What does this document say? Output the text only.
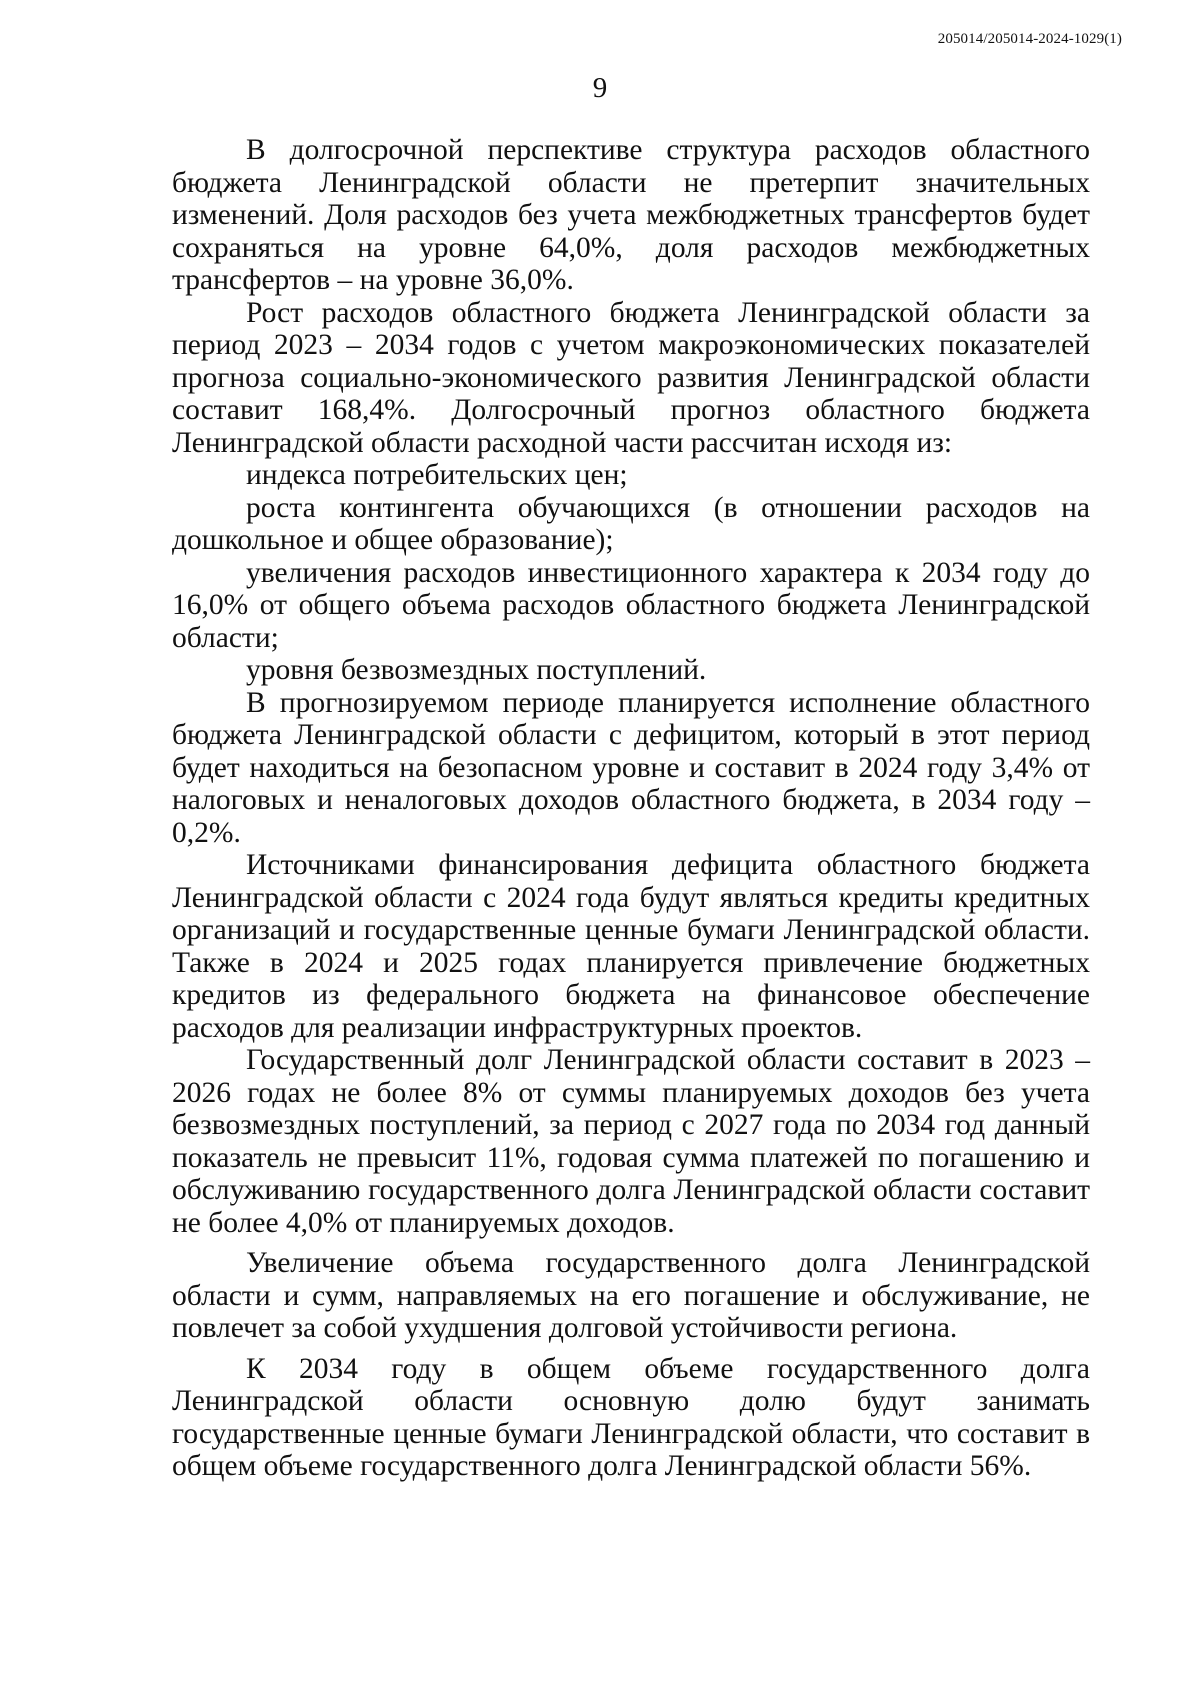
205014/205014-2024-1029(1)
9

В долгосрочной перспективе структура расходов областного бюджета Ленинградской области не претерпит значительных изменений. Доля расходов без учета межбюджетных трансфертов будет сохраняться на уровне 64,0%, доля расходов межбюджетных трансфертов – на уровне 36,0%.

Рост расходов областного бюджета Ленинградской области за период 2023 – 2034 годов с учетом макроэкономических показателей прогноза социально-экономического развития Ленинградской области составит 168,4%. Долгосрочный прогноз областного бюджета Ленинградской области расходной части рассчитан исходя из:

индекса потребительских цен;

роста контингента обучающихся (в отношении расходов на дошкольное и общее образование);

увеличения расходов инвестиционного характера к 2034 году до 16,0% от общего объема расходов областного бюджета Ленинградской области;

уровня безвозмездных поступлений.

В прогнозируемом периоде планируется исполнение областного бюджета Ленинградской области с дефицитом, который в этот период будет находиться на безопасном уровне и составит в 2024 году 3,4% от налоговых и неналоговых доходов областного бюджета, в 2034 году – 0,2%.

Источниками финансирования дефицита областного бюджета Ленинградской области с 2024 года будут являться кредиты кредитных организаций и государственные ценные бумаги Ленинградской области. Также в 2024 и 2025 годах планируется привлечение бюджетных кредитов из федерального бюджета на финансовое обеспечение расходов для реализации инфраструктурных проектов.

Государственный долг Ленинградской области составит в 2023 – 2026 годах не более 8% от суммы планируемых доходов без учета безвозмездных поступлений, за период с 2027 года по 2034 год данный показатель не превысит 11%, годовая сумма платежей по погашению и обслуживанию государственного долга Ленинградской области составит не более 4,0% от планируемых доходов.

Увеличение объема государственного долга Ленинградской области и сумм, направляемых на его погашение и обслуживание, не повлечет за собой ухудшения долговой устойчивости региона.

К 2034 году в общем объеме государственного долга Ленинградской области основную долю будут занимать государственные ценные бумаги Ленинградской области, что составит в общем объеме государственного долга Ленинградской области 56%.
